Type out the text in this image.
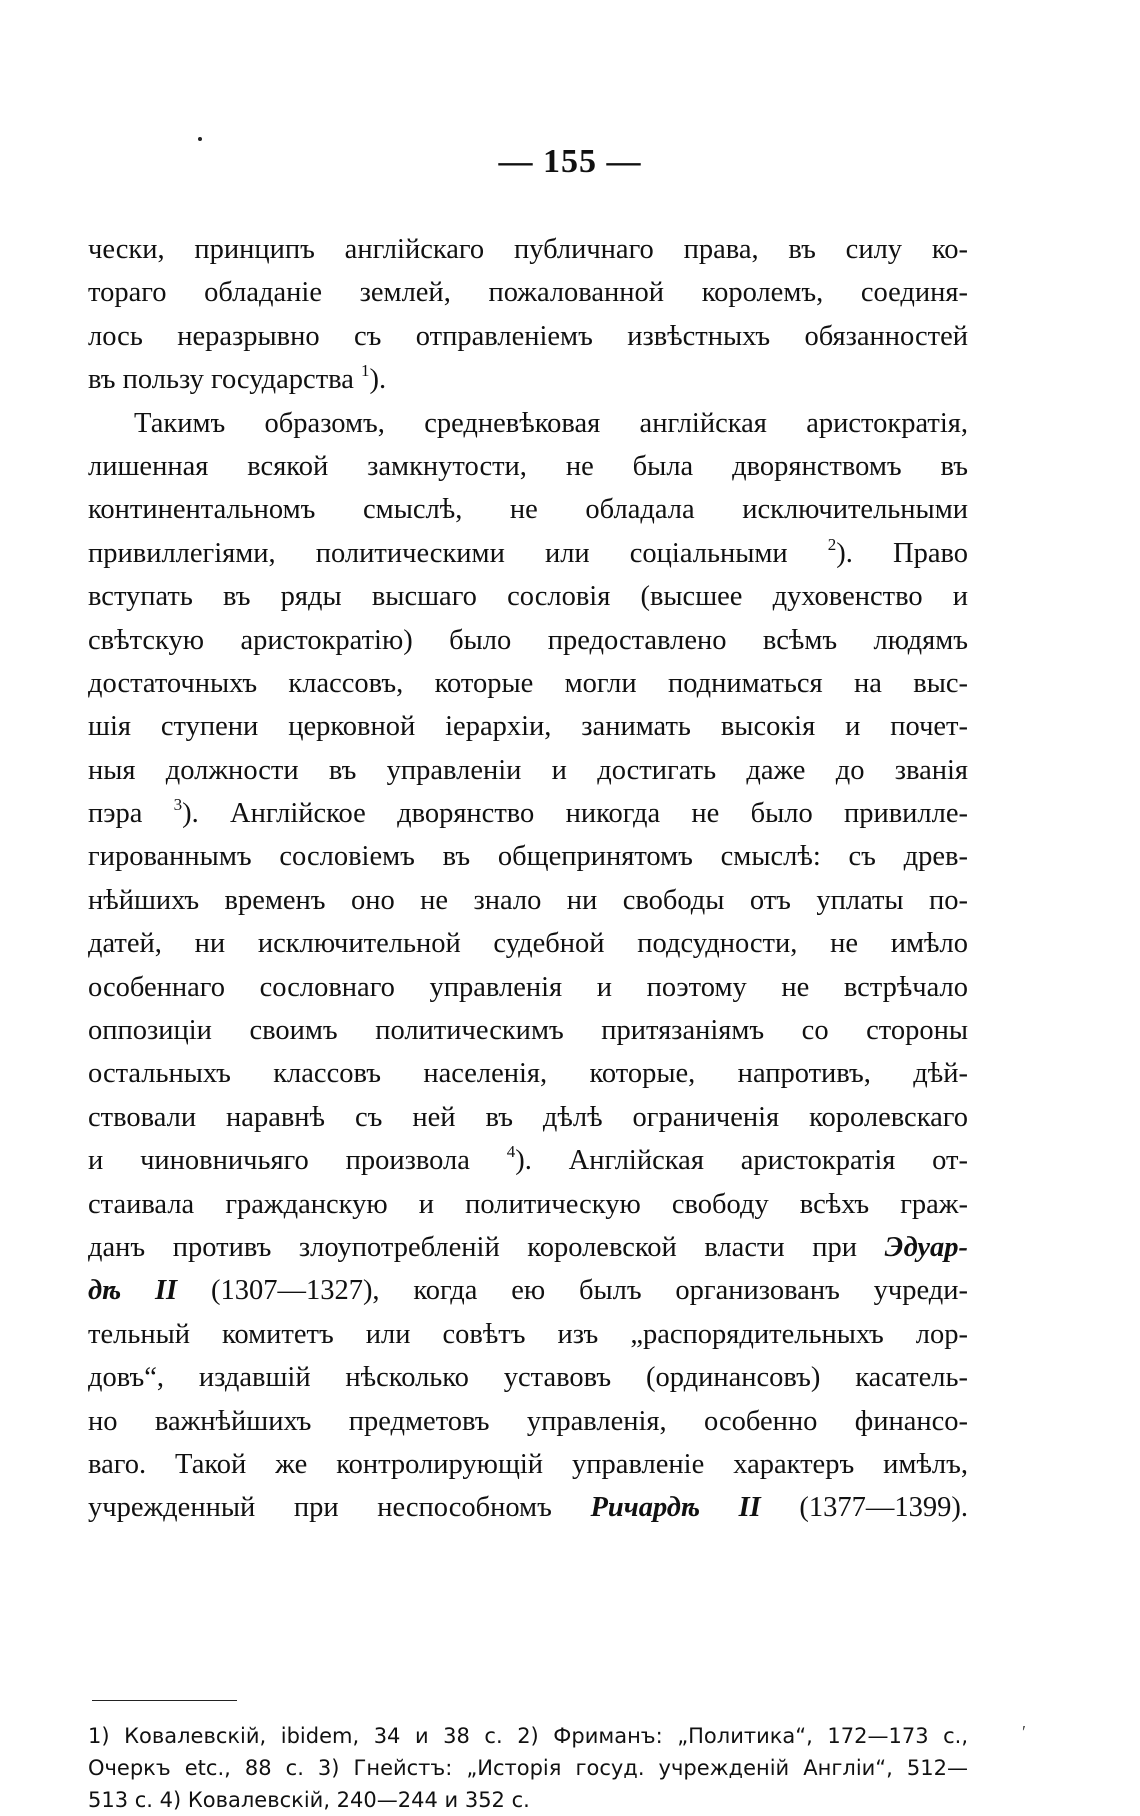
— 155 —
чески, принципъ англійскаго публичнаго права, въ силу ко-
тораго обладаніе землей, пожалованной королемъ, соединя-
лось неразрывно съ отправленіемъ извѣстныхъ обязанностей
въ пользу государства $^1$).
Такимъ образомъ, средневѣковая англійская аристократія,
лишенная всякой замкнутости, не была дворянствомъ въ
континентальномъ смыслѣ, не обладала исключительными
привиллегіями, политическими или соціальными $^2$). Право
вступать въ ряды высшаго сословія (высшее духовенство и
свѣтскую аристократію) было предоставлено всѣмъ людямъ
достаточныхъ классовъ, которые могли подниматься на выс-
шія ступени церковной іерархіи, занимать высокія и почет-
ныя должности въ управленіи и достигать даже до званія
пэра $^3$). Англійское дворянство никогда не было привилле-
гированнымъ сословіемъ въ общепринятомъ смыслѣ: съ древ-
нѣйшихъ временъ оно не знало ни свободы отъ уплаты по-
датей, ни исключительной судебной подсудности, не имѣло
особеннаго сословнаго управленія и поэтому не встрѣчало
оппозиціи своимъ политическимъ притязаніямъ со стороны
остальныхъ классовъ населенія, которые, напротивъ, дѣй-
ствовали наравнѣ съ ней въ дѣлѣ ограниченія королевскаго
и чиновничьяго произвола $^4$). Англійская аристократія от-
стаивала гражданскую и политическую свободу всѣхъ граж-
данъ противъ злоупотребленій королевской власти при Эдуар-
дѣ II (1307—1327), когда ею былъ организованъ учреди-
тельный комитетъ или совѣтъ изъ „распорядительныхъ лор-
довъ“, издавшій нѣсколько уставовъ (ординансовъ) касатель-
но важнѣйшихъ предметовъ управленія, особенно финансо-
ваго. Такой же контролирующій управленіе характеръ имѣлъ,
учрежденный при неспособномъ Ричардѣ II (1377—1399).
1) Ковалевскій, ibidem, 34 и 38 с. 2) Фриманъ: „Политика“, 172—173 с.,
Очеркъ etc., 88 с. 3) Гнейстъ: „Исторія госуд. учрежденій Англіи“, 512—
513 с. 4) Ковалевскій, 240—244 и 352 с.
′
